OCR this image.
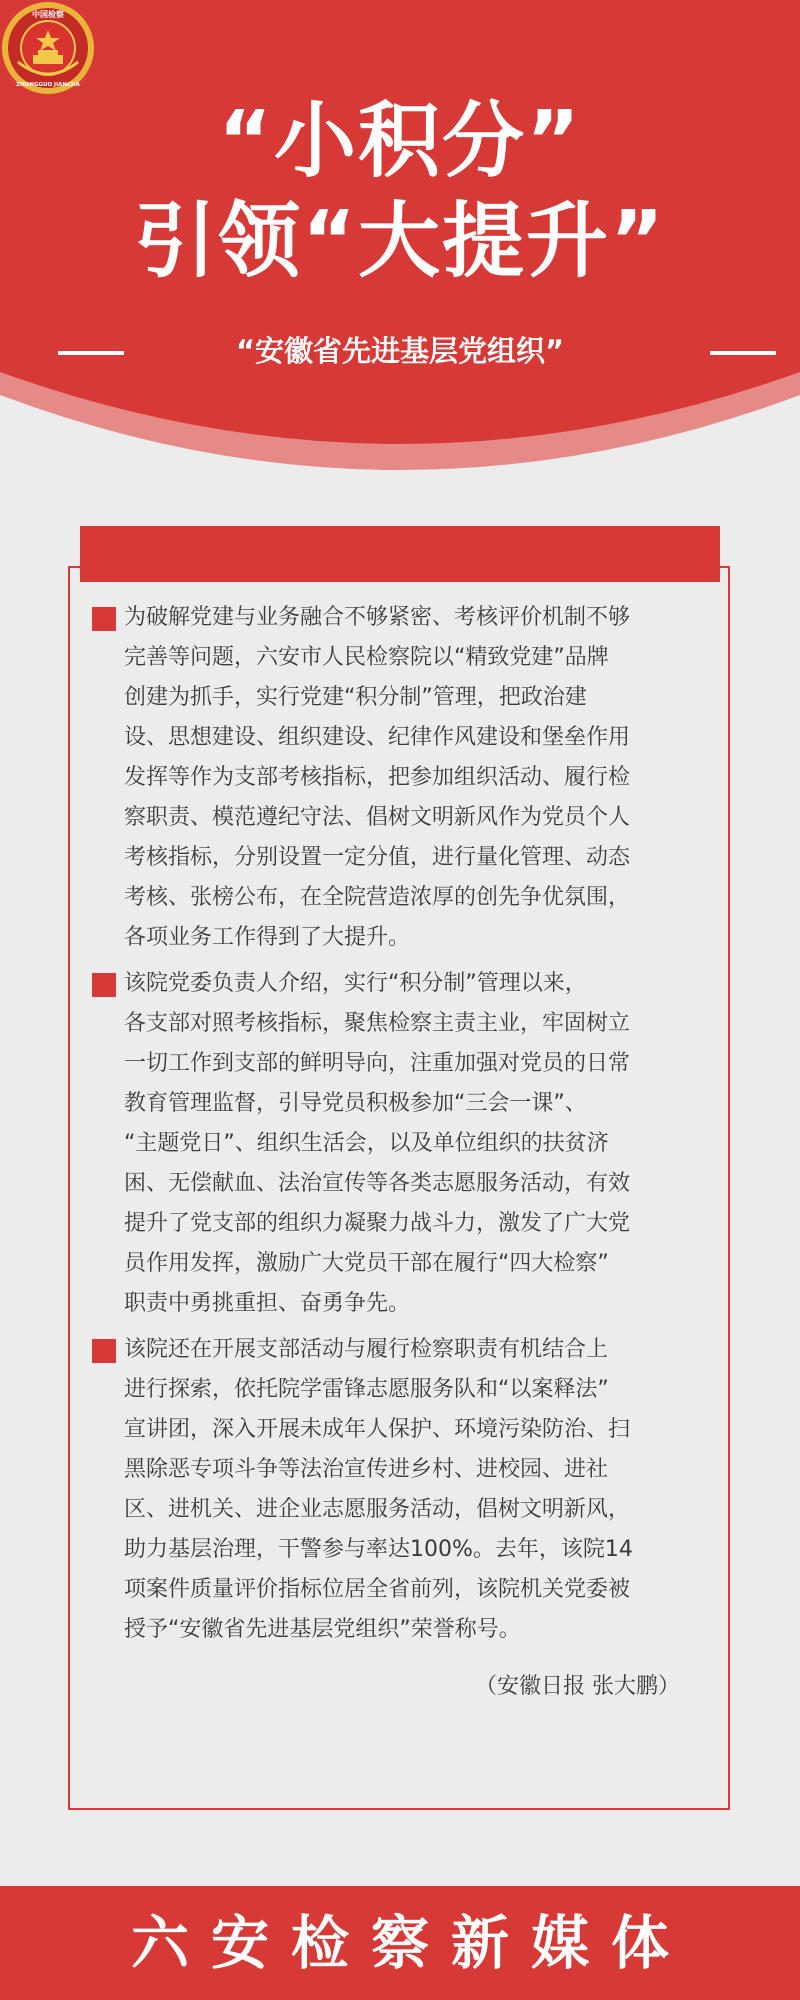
中国检察
ZHONGGUO JIANCHA
“小积分”
引领“大提升”
“安徽省先进基层党组织”
为破解党建与业务融合不够紧密、考核评价机制不够
完善等问题，六安市人民检察院以“精致党建”品牌
创建为抓手，实行党建“积分制”管理，把政治建
设、思想建设、组织建设、纪律作风建设和堡垒作用
发挥等作为支部考核指标，把参加组织活动、履行检
察职责、模范遵纪守法、倡树文明新风作为党员个人
考核指标，分别设置一定分值，进行量化管理、动态
考核、张榜公布，在全院营造浓厚的创先争优氛围，
各项业务工作得到了大提升。
该院党委负责人介绍，实行“积分制”管理以来，
各支部对照考核指标，聚焦检察主责主业，牢固树立
一切工作到支部的鲜明导向，注重加强对党员的日常
教育管理监督，引导党员积极参加“三会一课”、
“主题党日”、组织生活会，以及单位组织的扶贫济
困、无偿献血、法治宣传等各类志愿服务活动，有效
提升了党支部的组织力凝聚力战斗力，激发了广大党
员作用发挥，激励广大党员干部在履行“四大检察”
职责中勇挑重担、奋勇争先。
该院还在开展支部活动与履行检察职责有机结合上
进行探索，依托院学雷锋志愿服务队和“以案释法”
宣讲团，深入开展未成年人保护、环境污染防治、扫
黑除恶专项斗争等法治宣传进乡村、进校园、进社
区、进机关、进企业志愿服务活动，倡树文明新风，
助力基层治理，干警参与率达100%。去年，该院14
项案件质量评价指标位居全省前列，该院机关党委被
授予“安徽省先进基层党组织”荣誉称号。
（安徽日报 张大鹏）
六安检察新媒体
